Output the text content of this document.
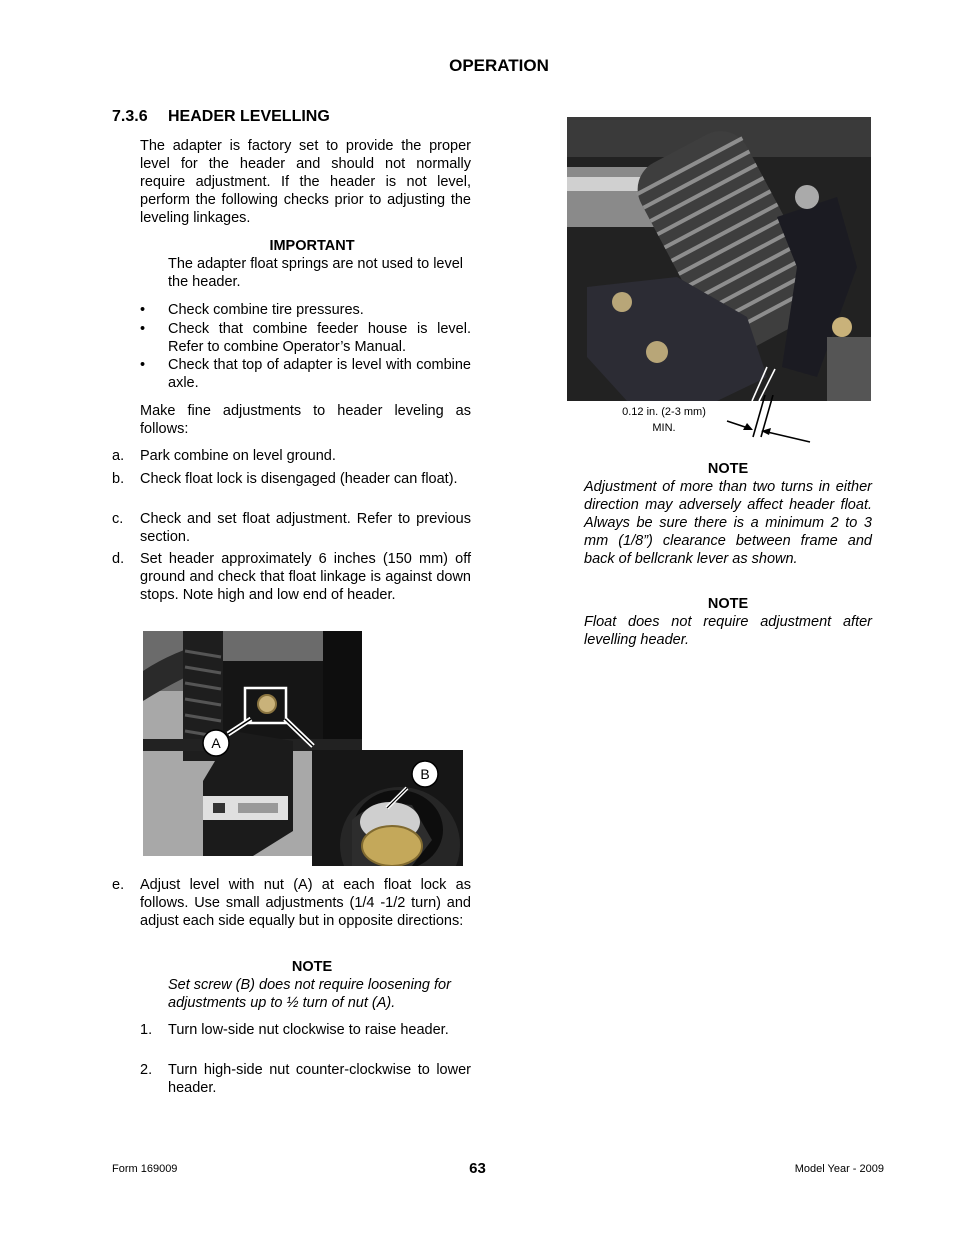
OPERATION
7.3.6 HEADER LEVELLING

The adapter is factory set to provide the proper level for the header and should not normally require adjustment. If the header is not level, perform the following checks prior to adjusting the leveling linkages.

IMPORTANT

The adapter float springs are not used to level the header.

• Check combine tire pressures.
• Check that combine feeder house is level. Refer to combine Operator’s Manual.
• Check that top of adapter is level with combine axle.

Make fine adjustments to header leveling as follows:

a. Park combine on level ground.
b. Check float lock is disengaged (header can float).
c. Check and set float adjustment. Refer to previous section.
d. Set header approximately 6 inches (150 mm) off ground and check that float linkage is against down stops. Note high and low end of header.
A
B
e. Adjust level with nut (A) at each float lock as follows. Use small adjustments (1/4 -1/2 turn) and adjust each side equally but in opposite directions:

NOTE

Set screw (B) does not require loosening for adjustments up to ½ turn of nut (A).

1. Turn low-side nut clockwise to raise header.
2. Turn high-side nut counter-clockwise to lower header.
0.12 in. (2-3 mm)
MIN.

NOTE

Adjustment of more than two turns in either direction may adversely affect header float. Always be sure there is a minimum 2 to 3 mm (1/8”) clearance between frame and back of bellcrank lever as shown.

NOTE

Float does not require adjustment after levelling header.

Form 169009	63	Model Year - 2009
